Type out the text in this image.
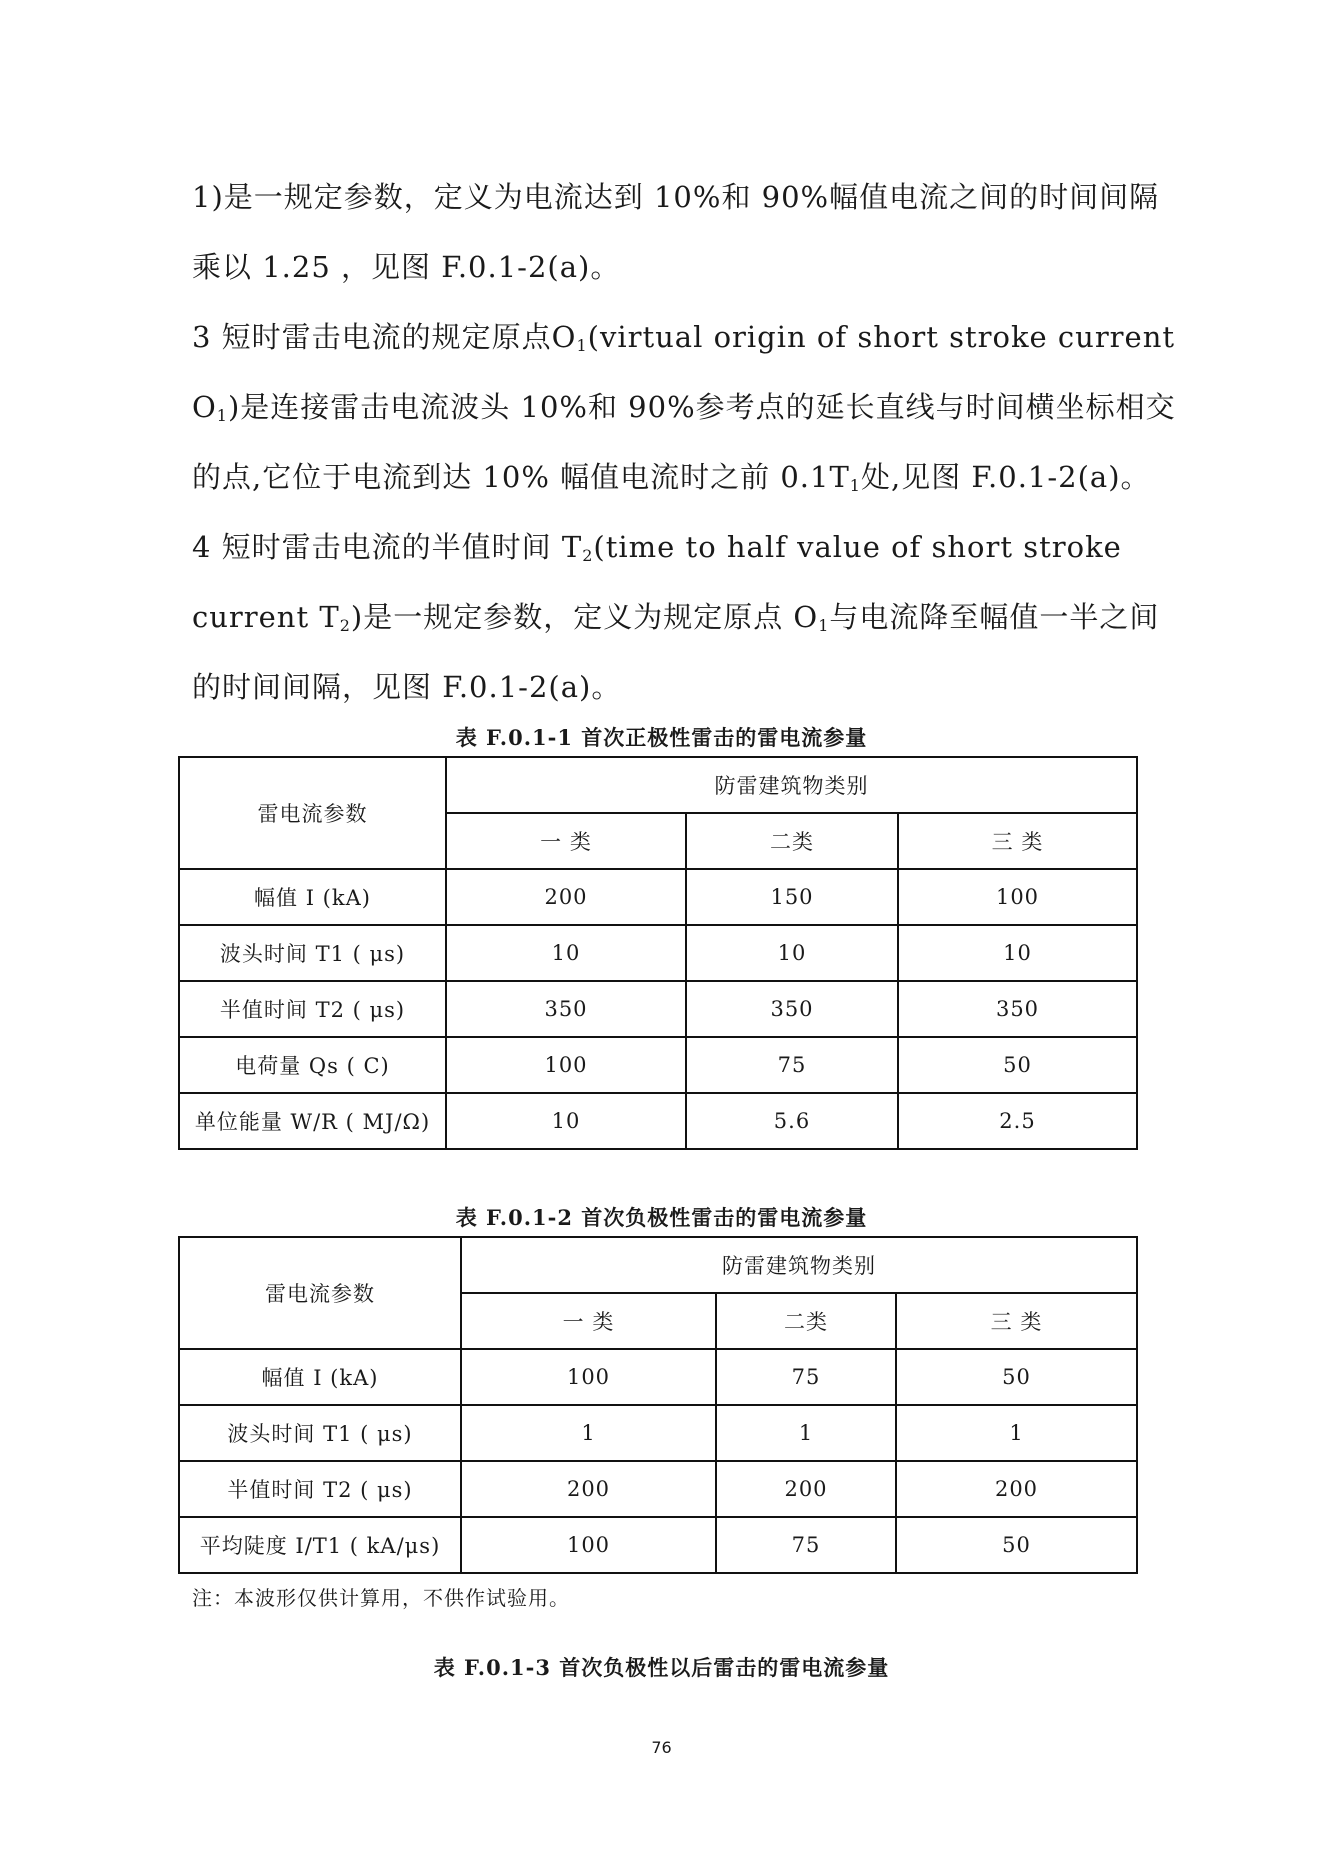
1)是一规定参数，定义为电流达到 10%和 90%幅值电流之间的时间间隔

乘以 1.25 ，见图 F.0.1-2(a)。

3 短时雷击电流的规定原点$O_1(virtual$ origin of short stroke current

$O_1$)是连接雷击电流波头 10%和 90%参考点的延长直线与时间横坐标相交

的点,它位于电流到达 10% 幅值电流时之前 $0.1T_1$处,见图 F.0.1-2(a)。

4 短时雷击电流的半值时间 $T_2(time$ to half value of short stroke

current $T_2$)是一规定参数，定义为规定原点 $O_1$与电流降至幅值一半之间

的时间间隔，见图 F.0.1-2(a)。

表 F.0.1-1 首次正极性雷击的雷电流参量
雷电流参数	防雷建筑物类别		
	一 类	二类	三 类
幅值 I (kA)	200	150	100
波头时间 T1 ( μs)	10	10	10
半值时间 T2 ( μs)	350	350	350
电荷量 Qs ( C)	100	75	50
单位能量 W/R ( MJ/Ω)	10	5.6	2.5
表 F.0.1-2 首次负极性雷击的雷电流参量
雷电流参数	防雷建筑物类别		
	一 类	二类	三 类
幅值 I (kA)	100	75	50
波头时间 T1 ( μs)	1	1	1
半值时间 T2 ( μs)	200	200	200
平均陡度 I/T1 ( kA/μs)	100	75	50
注：本波形仅供计算用，不供作试验用。
表 F.0.1-3 首次负极性以后雷击的雷电流参量
76
